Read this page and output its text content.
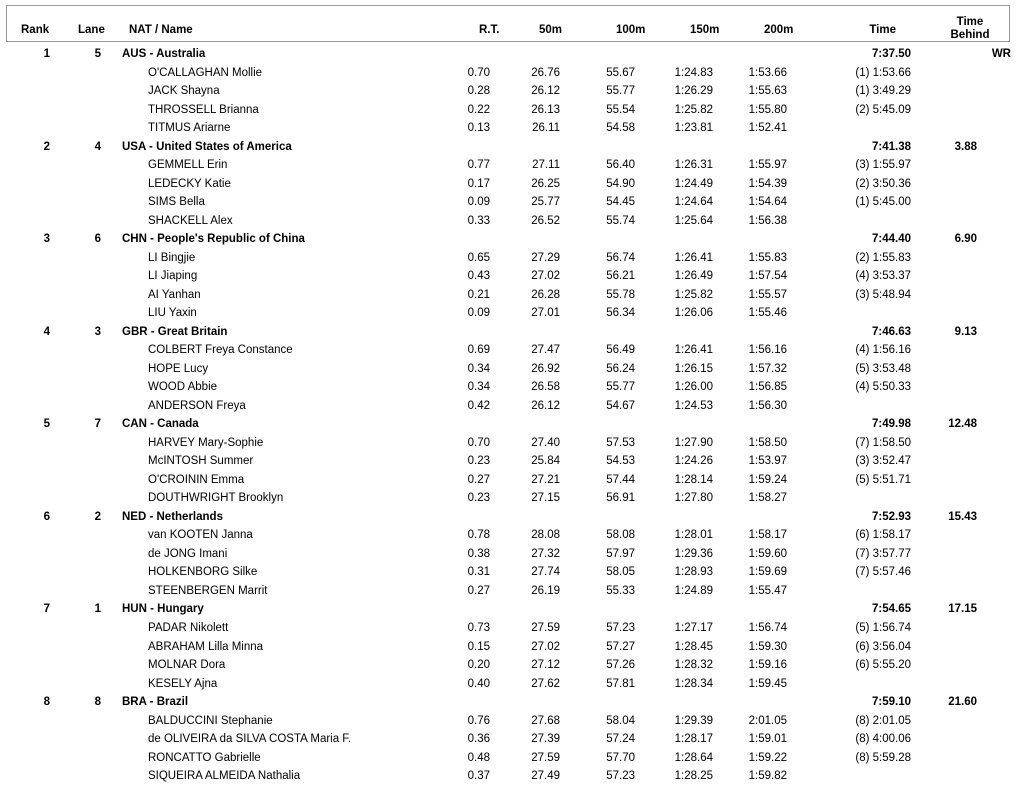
Rank	Lane NAT / Name	R.T.	50m	100m	150m	200m	Time
Time
Behind
1	5 AUS - Australia	7:37.50	WR
O'CALLAGHAN Mollie	0.70	26.76	55.67	1:24.83	1:53.66	(1) 1:53.66
JACK Shayna	0.28	26.12	55.77	1:26.29	1:55.63	(1) 3:49.29
THROSSELL Brianna	0.22	26.13	55.54	1:25.82	1:55.80	(2) 5:45.09
TITMUS Ariarne	0.13	26.11	54.58	1:23.81	1:52.41
2	4 USA - United States of America	7:41.38	3.88
GEMMELL Erin	0.77	27.11	56.40	1:26.31	1:55.97	(3) 1:55.97
LEDECKY Katie	0.17	26.25	54.90	1:24.49	1:54.39	(2) 3:50.36
SIMS Bella	0.09	25.77	54.45	1:24.64	1:54.64	(1) 5:45.00
SHACKELL Alex	0.33	26.52	55.74	1:25.64	1:56.38
3	6 CHN - People's Republic of China	7:44.40	6.90
LI Bingjie	0.65	27.29	56.74	1:26.41	1:55.83	(2) 1:55.83
LI Jiaping	0.43	27.02	56.21	1:26.49	1:57.54	(4) 3:53.37
AI Yanhan	0.21	26.28	55.78	1:25.82	1:55.57	(3) 5:48.94
LIU Yaxin	0.09	27.01	56.34	1:26.06	1:55.46
4	3 GBR - Great Britain	7:46.63	9.13
COLBERT Freya Constance	0.69	27.47	56.49	1:26.41	1:56.16	(4) 1:56.16
HOPE Lucy	0.34	26.92	56.24	1:26.15	1:57.32	(5) 3:53.48
WOOD Abbie	0.34	26.58	55.77	1:26.00	1:56.85	(4) 5:50.33
ANDERSON Freya	0.42	26.12	54.67	1:24.53	1:56.30
5	7 CAN - Canada	7:49.98	12.48
HARVEY Mary-Sophie	0.70	27.40	57.53	1:27.90	1:58.50	(7) 1:58.50
McINTOSH Summer	0.23	25.84	54.53	1:24.26	1:53.97	(3) 3:52.47
O'CROININ Emma	0.27	27.21	57.44	1:28.14	1:59.24	(5) 5:51.71
DOUTHWRIGHT Brooklyn	0.23	27.15	56.91	1:27.80	1:58.27
6	2 NED - Netherlands	7:52.93	15.43
van KOOTEN Janna	0.78	28.08	58.08	1:28.01	1:58.17	(6) 1:58.17
de JONG Imani	0.38	27.32	57.97	1:29.36	1:59.60	(7) 3:57.77
HOLKENBORG Silke	0.31	27.74	58.05	1:28.93	1:59.69	(7) 5:57.46
STEENBERGEN Marrit	0.27	26.19	55.33	1:24.89	1:55.47
7	1 HUN - Hungary	7:54.65	17.15
PADAR Nikolett	0.73	27.59	57.23	1:27.17	1:56.74	(5) 1:56.74
ABRAHAM Lilla Minna	0.15	27.02	57.27	1:28.45	1:59.30	(6) 3:56.04
MOLNAR Dora	0.20	27.12	57.26	1:28.32	1:59.16	(6) 5:55.20
KESELY Ajna	0.40	27.62	57.81	1:28.34	1:59.45
8	8 BRA - Brazil	7:59.10	21.60
BALDUCCINI Stephanie	0.76	27.68	58.04	1:29.39	2:01.05	(8) 2:01.05
de OLIVEIRA da SILVA COSTA Maria F.	0.36	27.39	57.24	1:28.17	1:59.01	(8) 4:00.06
RONCATTO Gabrielle	0.48	27.59	57.70	1:28.64	1:59.22	(8) 5:59.28
SIQUEIRA ALMEIDA Nathalia	0.37	27.49	57.23	1:28.25	1:59.82
